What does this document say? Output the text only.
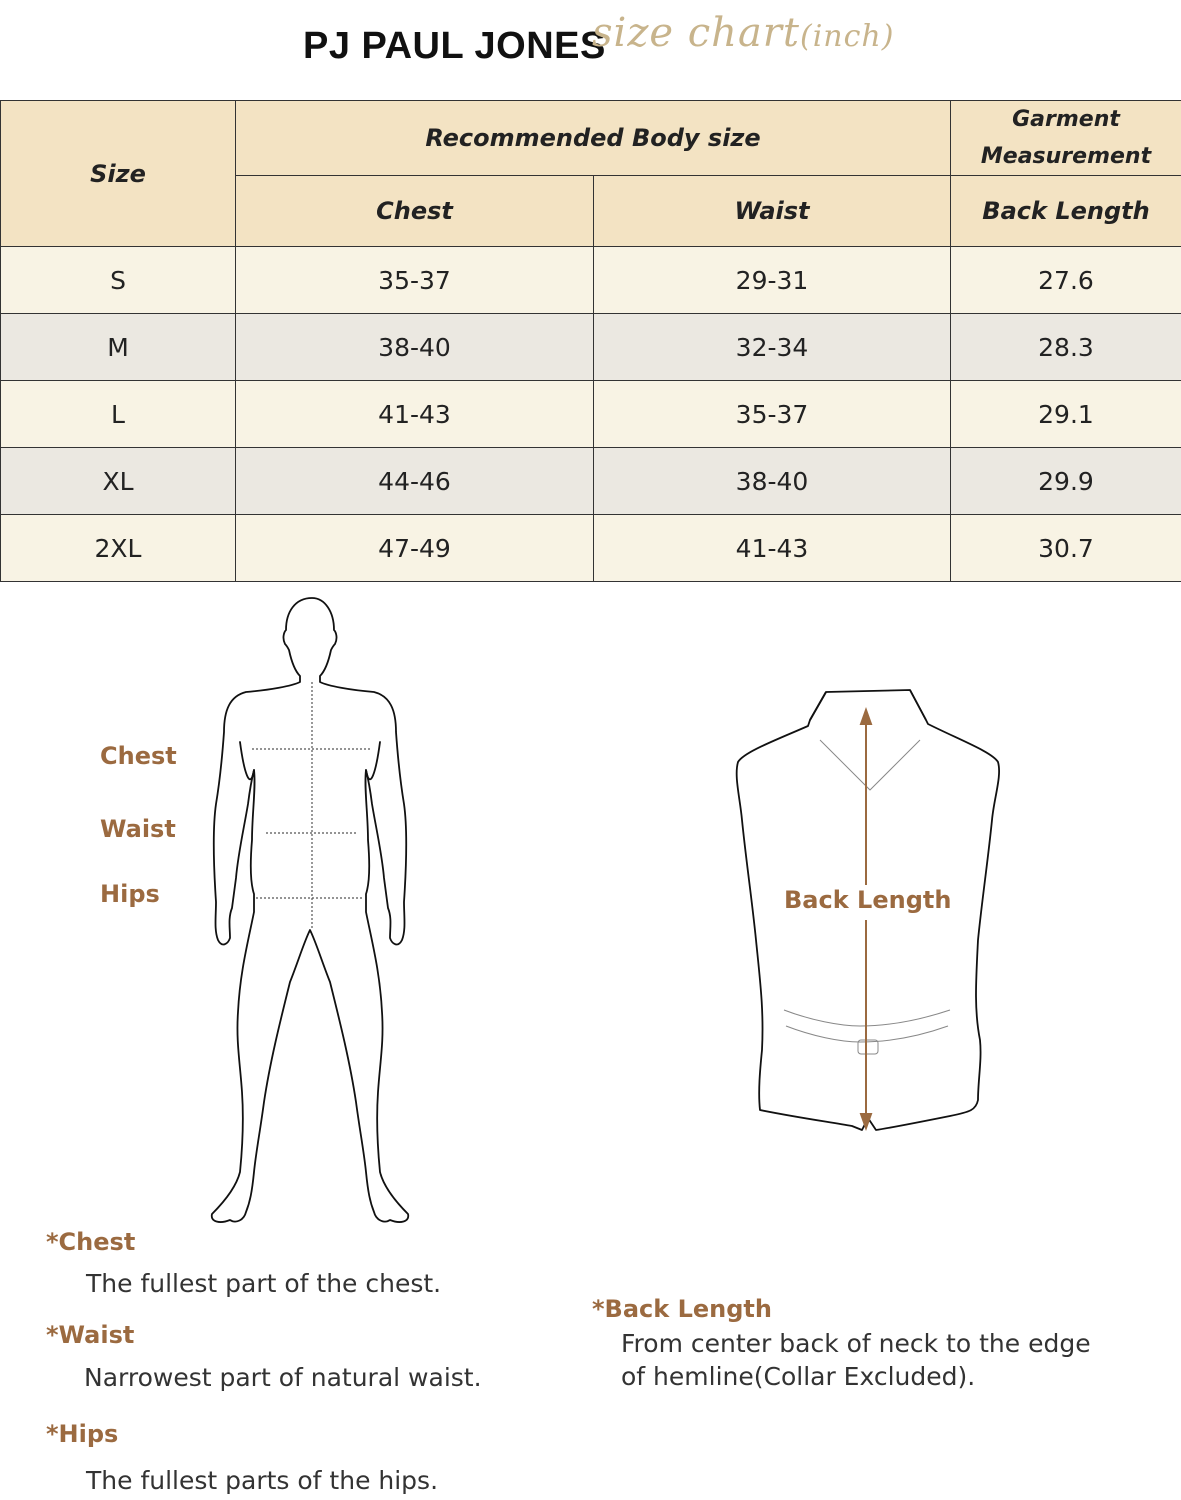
PJ PAUL JONES
size chart(inch)
Size	Recommended Body size		Garment
Measurement
	Chest	Waist	Back Length
S	35-37	29-31	27.6
M	38-40	32-34	28.3
L	41-43	35-37	29.1
XL	44-46	38-40	29.9
2XL	47-49	41-43	30.7
Chest
Waist
Hips	Back Length
*Chest
The fullest part of the chest.
*Waist
Narrowest part of natural waist.
*Hips
The fullest parts of the hips.
*Back Length
From center back of neck to the edge
of hemline(Collar Excluded).
